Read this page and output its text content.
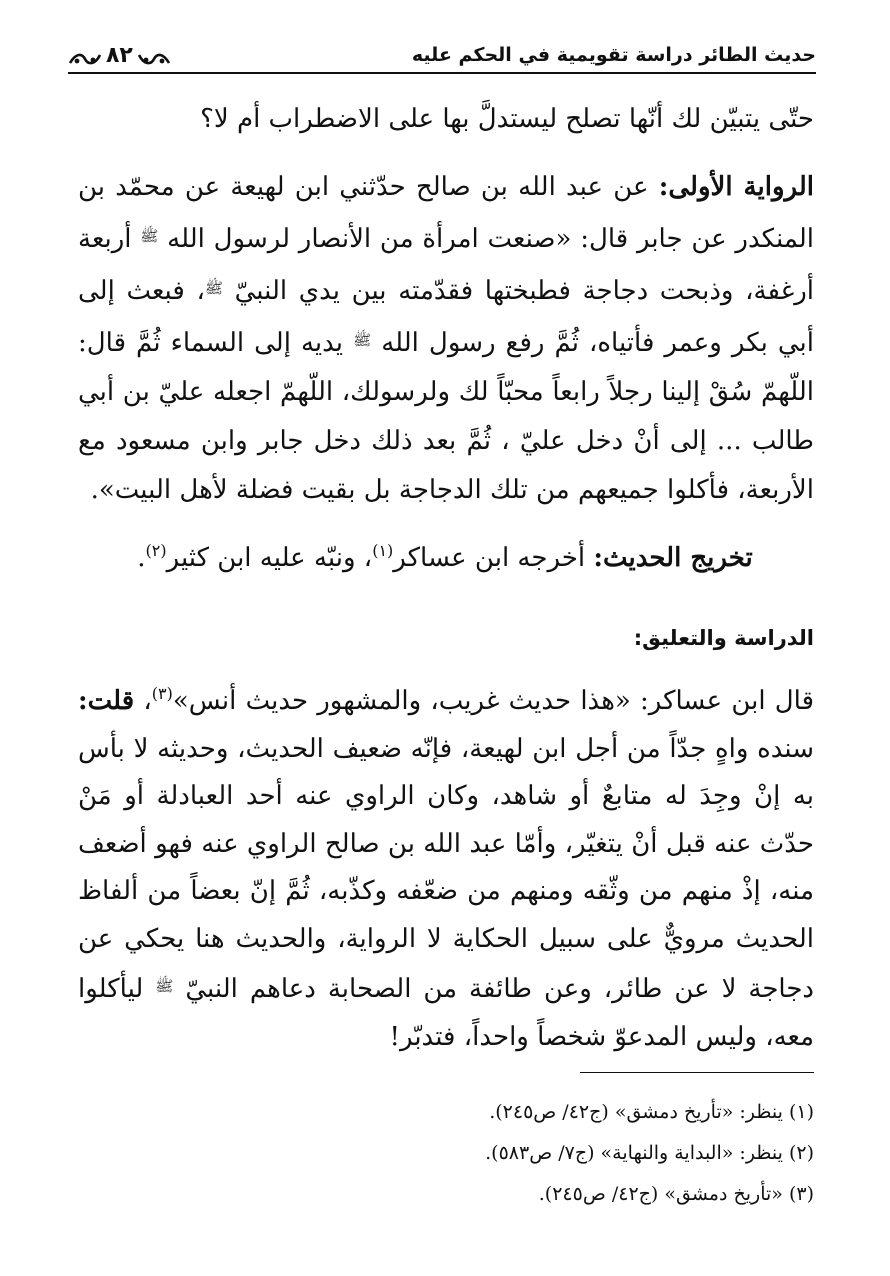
حديث الطائر دراسة تقويمية في الحكم عليه
٨٢

حتّى يتبيّن لك أنّها تصلح ليستدلَّ بها على الاضطراب أم لا؟

الرواية الأولى: عن عبد الله بن صالح حدّثني ابن لهيعة عن محمّد بن المنكدر عن جابر قال: «صنعت امرأة من الأنصار لرسول الله $^ﷺ$ أربعة أرغفة، وذبحت دجاجة فطبختها فقدّمته بين يدي النبيّ $^ﷺ$، فبعث إلى أبي بكر وعمر فأتياه، ثُمَّ رفع رسول الله $^ﷺ$ يديه إلى السماء ثُمَّ قال: اللّهمّ سُقْ إلينا رجلاً رابعاً محبّاً لك ولرسولك، اللّهمّ اجعله عليّ بن أبي طالب ... إلى أنْ دخل عليّ ، ثُمَّ بعد ذلك دخل جابر وابن مسعود مع الأربعة، فأكلوا جميعهم من تلك الدجاجة بل بقيت فضلة لأهل البيت».

تخريج الحديث: أخرجه ابن عساكر$^{(١)}$، ونبّه عليه ابن كثير$^{(٢)}$.

الدراسة والتعليق:

قال ابن عساكر: «هذا حديث غريب، والمشهور حديث أنس»$^{(٣)}$، قلت: سنده واهٍ جدّاً من أجل ابن لهيعة، فإنّه ضعيف الحديث، وحديثه لا بأس به إنْ وجِدَ له متابعٌ أو شاهد، وكان الراوي عنه أحد العبادلة أو مَنْ حدّث عنه قبل أنْ يتغيّر، وأمّا عبد الله بن صالح الراوي عنه فهو أضعف منه، إذْ منهم من وثّقه ومنهم من ضعّفه وكذّبه، ثُمَّ إنّ بعضاً من ألفاظ الحديث مرويٌّ على سبيل الحكاية لا الرواية، والحديث هنا يحكي عن دجاجة لا عن طائر، وعن طائفة من الصحابة دعاهم النبيّ $^ﷺ$ ليأكلوا معه، وليس المدعوّ شخصاً واحداً، فتدبّر!

(١) ينظر: «تأريخ دمشق» (ج٤٢/ ص٢٤٥).
(٢) ينظر: «البداية والنهاية» (ج٧/ ص٥٨٣).
(٣) «تأريخ دمشق» (ج٤٢/ ص٢٤٥).
